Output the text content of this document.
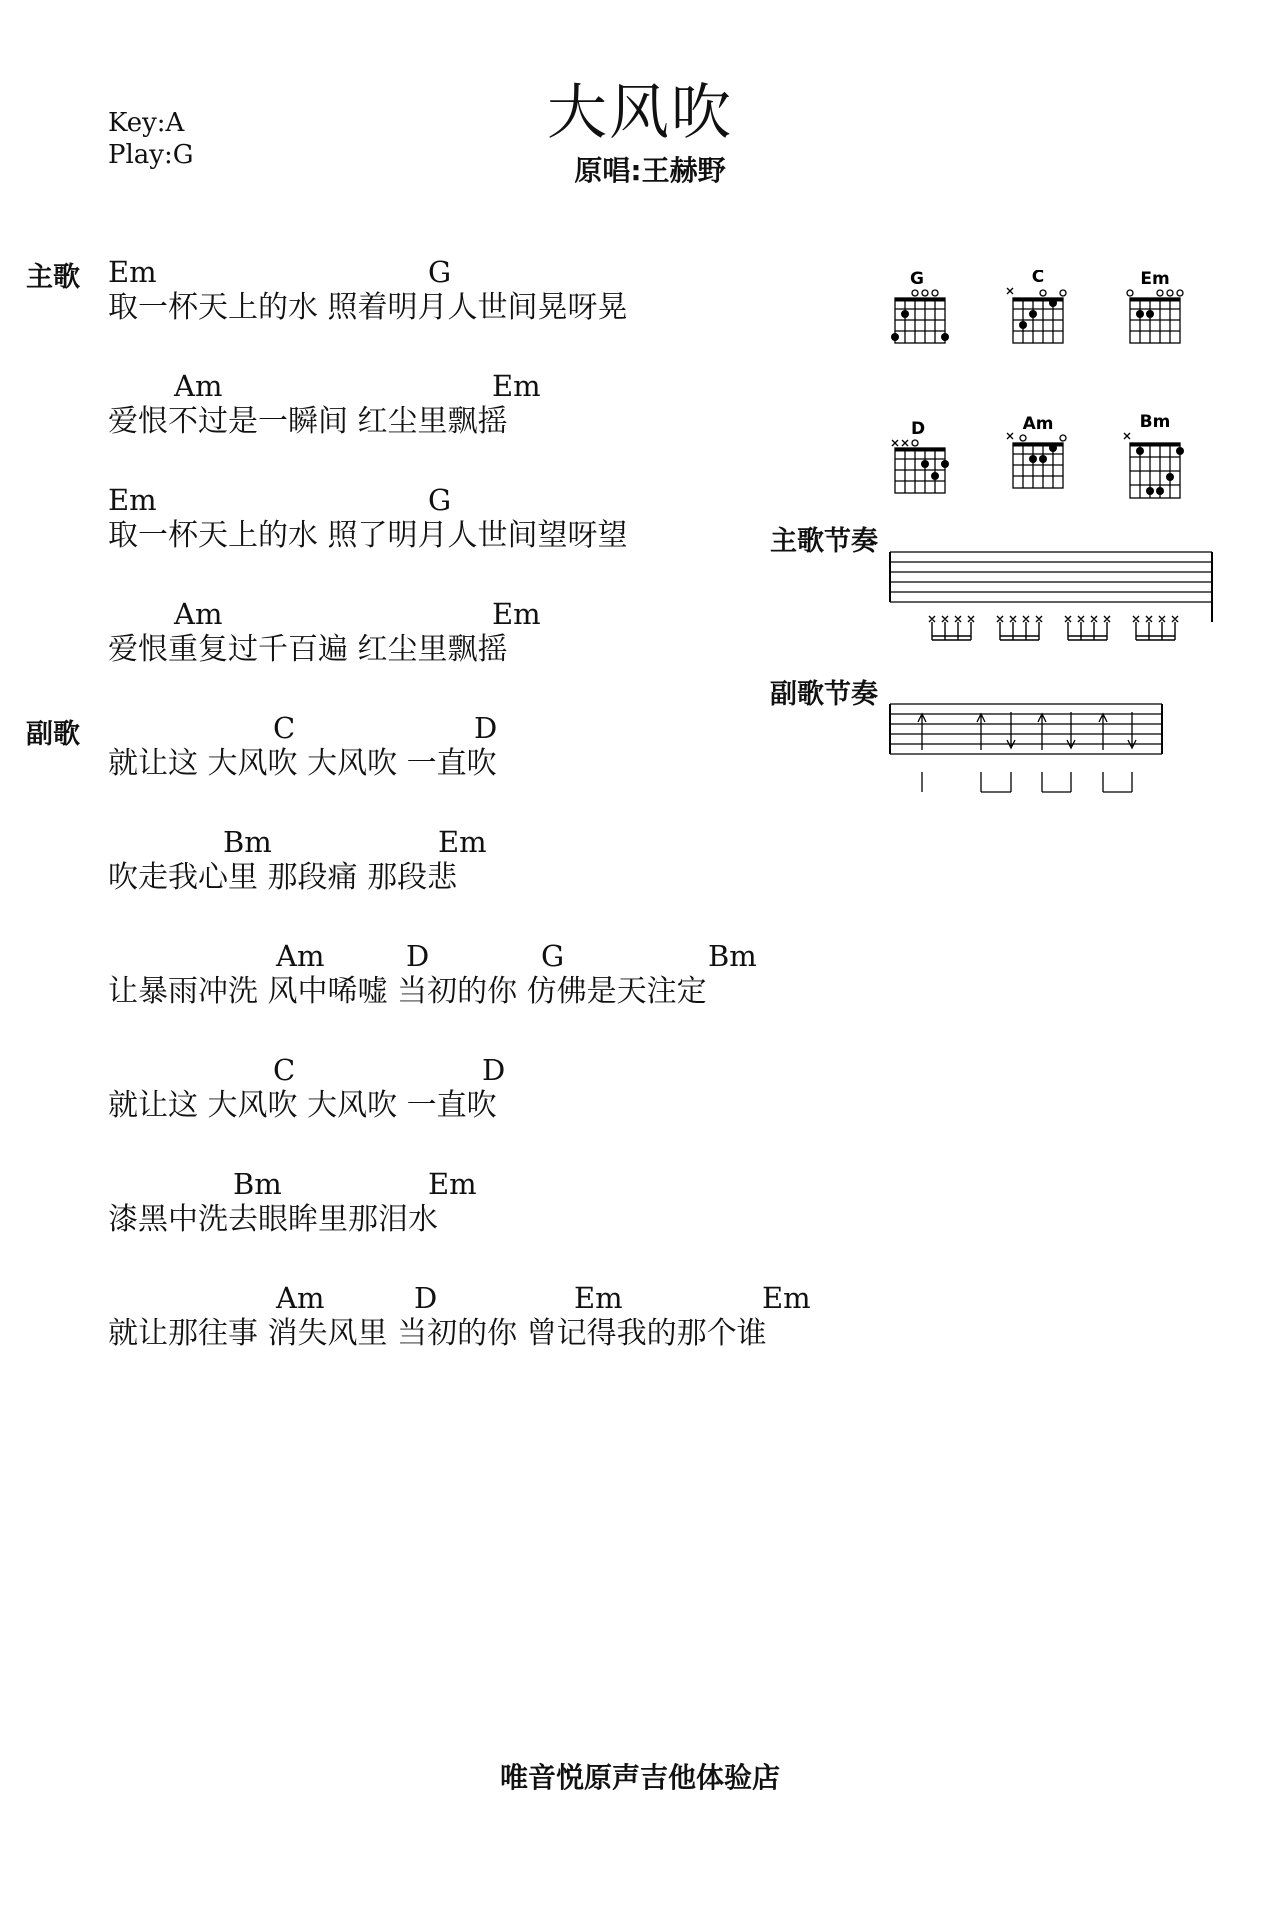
Key:A
Play:G
大风吹
原唱:王赫野
主歌
副歌
Em	G
取一杯天上的水 照着明月人世间晃呀晃
Am	Em
爱恨不过是一瞬间 红尘里飘摇
Em	G
取一杯天上的水 照了明月人世间望呀望
Am	Em
爱恨重复过千百遍 红尘里飘摇
C	D
就让这 大风吹 大风吹 一直吹
Bm	Em
吹走我心里 那段痛 那段悲
Am	D	G	Bm
让暴雨冲洗 风中唏嘘 当初的你 仿佛是天注定
C	D
就让这 大风吹 大风吹 一直吹
Bm	Em
漆黑中洗去眼眸里那泪水
Am	D	Em	Em
就让那往事 消失风里 当初的你 曾记得我的那个谁
G	C	Em
D	Am	Bm
主歌节奏
副歌节奏
唯音悦原声吉他体验店
